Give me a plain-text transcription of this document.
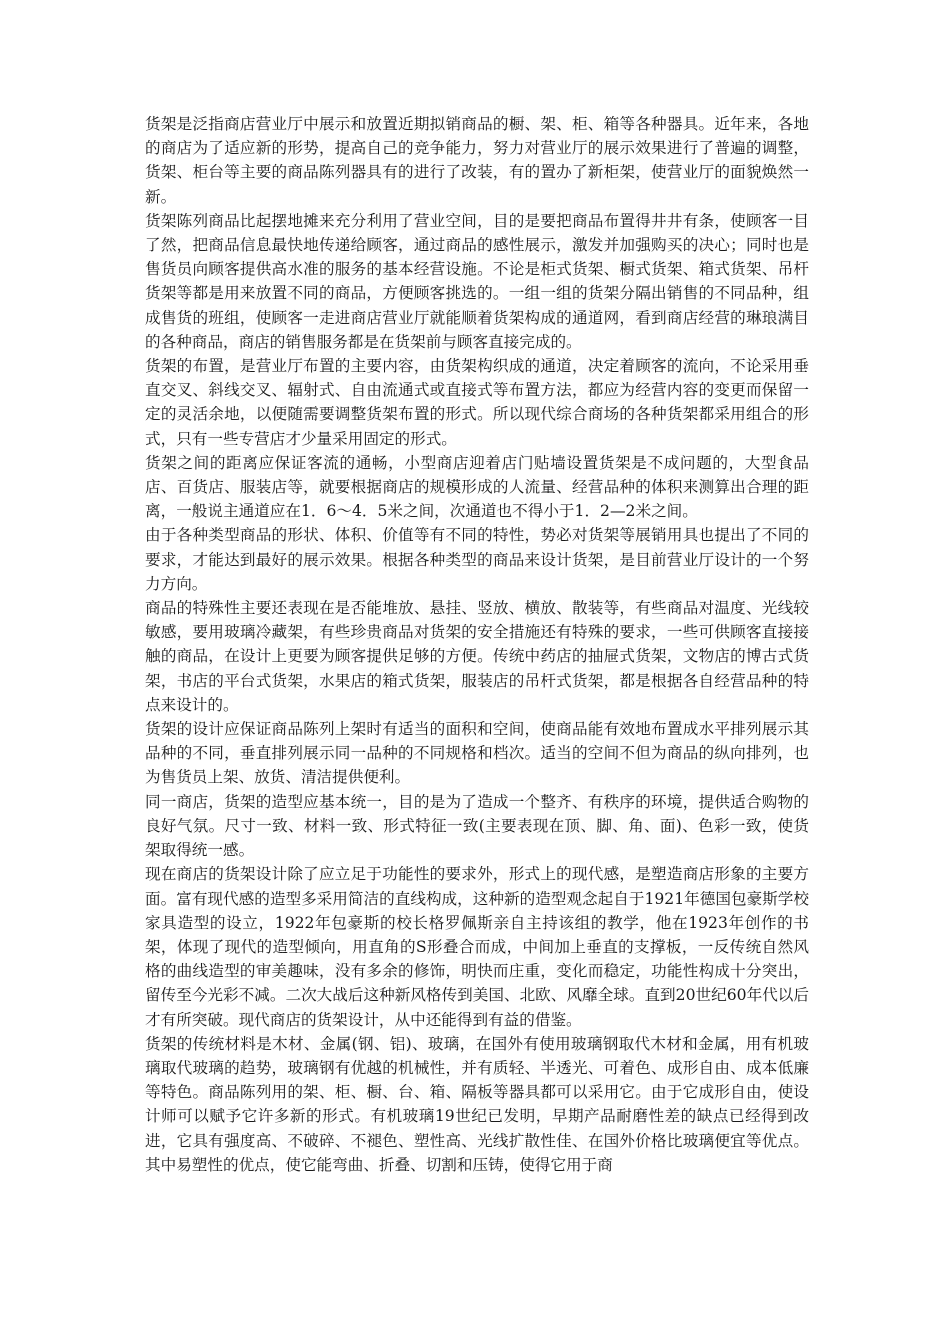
货架是泛指商店营业厅中展示和放置近期拟销商品的橱、架、柜、箱等各种器具。近年来，各地的商店为了适应新的形势，提高自己的竞争能力，努力对营业厅的展示效果进行了普遍的调整，货架、柜台等主要的商品陈列器具有的进行了改装，有的置办了新柜架，使营业厅的面貌焕然一新。

货架陈列商品比起摆地摊来充分利用了营业空间，目的是要把商品布置得井井有条，使顾客一目了然，把商品信息最快地传递给顾客，通过商品的感性展示，激发并加强购买的决心；同时也是售货员向顾客提供高水准的服务的基本经营设施。不论是柜式货架、橱式货架、箱式货架、吊杆货架等都是用来放置不同的商品，方便顾客挑选的。一组一组的货架分隔出销售的不同品种，组成售货的班组，使顾客一走进商店营业厅就能顺着货架构成的通道网，看到商店经营的琳琅满目的各种商品，商店的销售服务都是在货架前与顾客直接完成的。

货架的布置，是营业厅布置的主要内容，由货架构织成的通道，决定着顾客的流向，不论采用垂直交叉、斜线交叉、辐射式、自由流通式或直接式等布置方法，都应为经营内容的变更而保留一定的灵活余地，以便随需要调整货架布置的形式。所以现代综合商场的各种货架都采用组合的形式，只有一些专营店才少量采用固定的形式。

货架之间的距离应保证客流的通畅，小型商店迎着店门贴墙设置货架是不成问题的，大型食品店、百货店、服装店等，就要根据商店的规模形成的人流量、经营品种的体积来测算出合理的距离，一般说主通道应在1．6～4．5米之间，次通道也不得小于1．2—2米之间。

由于各种类型商品的形状、体积、价值等有不同的特性，势必对货架等展销用具也提出了不同的要求，才能达到最好的展示效果。根据各种类型的商品来设计货架，是目前营业厅设计的一个努力方向。

商品的特殊性主要还表现在是否能堆放、悬挂、竖放、横放、散装等，有些商品对温度、光线较敏感，要用玻璃冷藏架，有些珍贵商品对货架的安全措施还有特殊的要求，一些可供顾客直接接触的商品，在设计上更要为顾客提供足够的方便。传统中药店的抽屉式货架，文物店的博古式货架，书店的平台式货架，水果店的箱式货架，服装店的吊杆式货架，都是根据各自经营品种的特点来设计的。

货架的设计应保证商品陈列上架时有适当的面积和空间，使商品能有效地布置成水平排列展示其品种的不同，垂直排列展示同一品种的不同规格和档次。适当的空间不但为商品的纵向排列，也为售货员上架、放货、清洁提供便利。

同一商店，货架的造型应基本统一，目的是为了造成一个整齐、有秩序的环境，提供适合购物的良好气氛。尺寸一致、材料一致、形式特征一致(主要表现在顶、脚、角、面)、色彩一致，使货架取得统一感。

现在商店的货架设计除了应立足于功能性的要求外，形式上的现代感，是塑造商店形象的主要方面。富有现代感的造型多采用简洁的直线构成，这种新的造型观念起自于1921年德国包豪斯学校家具造型的设立，1922年包豪斯的校长格罗佩斯亲自主持该组的教学，他在1923年创作的书架，体现了现代的造型倾向，用直角的S形叠合而成，中间加上垂直的支撑板，一反传统自然风格的曲线造型的审美趣味，没有多余的修饰，明快而庄重，变化而稳定，功能性构成十分突出，留传至今光彩不减。二次大战后这种新风格传到美国、北欧、风靡全球。直到20世纪60年代以后才有所突破。现代商店的货架设计，从中还能得到有益的借鉴。

货架的传统材料是木材、金属(钢、铝)、玻璃，在国外有使用玻璃钢取代木材和金属，用有机玻璃取代玻璃的趋势，玻璃钢有优越的机械性，并有质轻、半透光、可着色、成形自由、成本低廉等特色。商品陈列用的架、柜、橱、台、箱、隔板等器具都可以采用它。由于它成形自由，使设计师可以赋予它许多新的形式。有机玻璃19世纪已发明，早期产品耐磨性差的缺点已经得到改进，它具有强度高、不破碎、不褪色、塑性高、光线扩散性佳、在国外价格比玻璃便宜等优点。其中易塑性的优点，使它能弯曲、折叠、切割和压铸，使得它用于商
